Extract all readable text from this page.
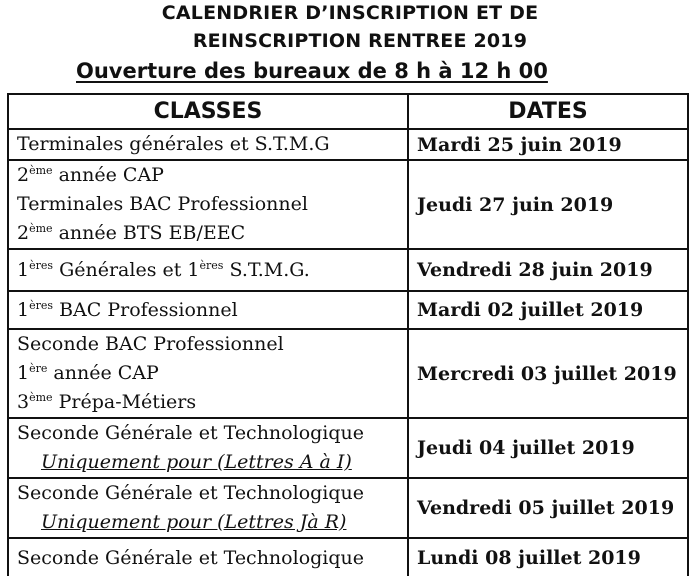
CALENDRIER D’INSCRIPTION ET DE
REINSCRIPTION RENTREE 2019
Ouverture des bureaux de 8 h à 12 h 00
CLASSES	DATES

Terminales générales et S.T.M.G	Mardi 25 juin 2019

2ème année CAP
Terminales BAC Professionnel
2ème année BTS EB/EEC	Jeudi 27 juin 2019

1ères Générales et 1ères S.T.M.G.	Vendredi 28 juin 2019

1ères BAC Professionnel	Mardi 02 juillet 2019

Seconde BAC Professionnel
1ère année CAP
3ème Prépa-Métiers	Mercredi 03 juillet 2019

Seconde Générale et Technologique
Uniquement pour (Lettres A à I)	Jeudi 04 juillet 2019

Seconde Générale et Technologique
Uniquement pour (Lettres Jà R)	Vendredi 05 juillet 2019

Seconde Générale et Technologique	Lundi 08 juillet 2019
